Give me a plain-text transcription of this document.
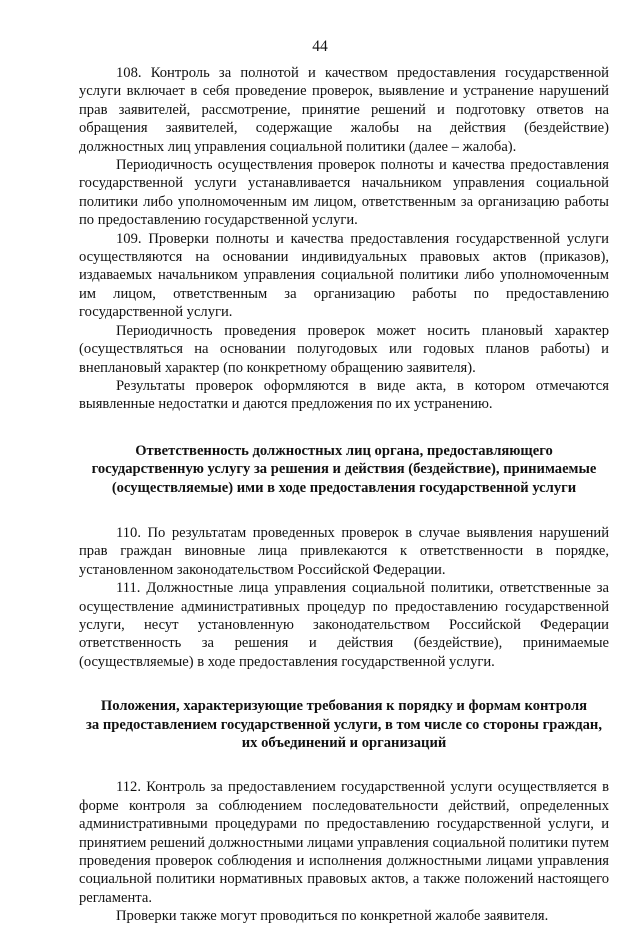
44

108. Контроль за полнотой и качеством предоставления государственной услуги включает в себя проведение проверок, выявление и устранение нарушений прав заявителей, рассмотрение, принятие решений и подготовку ответов на обращения заявителей, содержащие жалобы на действия (бездействие) должностных лиц управления социальной политики (далее – жалоба).

Периодичность осуществления проверок полноты и качества предоставления государственной услуги устанавливается начальником управления социальной политики либо уполномоченным им лицом, ответственным за организацию работы по предоставлению государственной услуги.

109. Проверки полноты и качества предоставления государственной услуги осуществляются на основании индивидуальных правовых актов (приказов), издаваемых начальником управления социальной политики либо уполномоченным им лицом, ответственным за организацию работы по предоставлению государственной услуги.

Периодичность проведения проверок может носить плановый характер (осуществляться на основании полугодовых или годовых планов работы) и внеплановый характер (по конкретному обращению заявителя).

Результаты проверок оформляются в виде акта, в котором отмечаются выявленные недостатки и даются предложения по их устранению.

Ответственность должностных лиц органа, предоставляющего
государственную услугу за решения и действия (бездействие), принимаемые
(осуществляемые) ими в ходе предоставления государственной услуги

110. По результатам проведенных проверок в случае выявления нарушений прав граждан виновные лица привлекаются к ответственности в порядке, установленном законодательством Российской Федерации.

111. Должностные лица управления социальной политики, ответственные за осуществление административных процедур по предоставлению государственной услуги, несут установленную законодательством Российской Федерации ответственность за решения и действия (бездействие), принимаемые (осуществляемые) в ходе предоставления государственной услуги.

Положения, характеризующие требования к порядку и формам контроля
за предоставлением государственной услуги, в том числе со стороны граждан,
их объединений и организаций

112. Контроль за предоставлением государственной услуги осуществляется в форме контроля за соблюдением последовательности действий, определенных административными процедурами по предоставлению государственной услуги, и принятием решений должностными лицами управления социальной политики путем проведения проверок соблюдения и исполнения должностными лицами управления социальной политики нормативных правовых актов, а также положений настоящего регламента.

Проверки также могут проводиться по конкретной жалобе заявителя.
